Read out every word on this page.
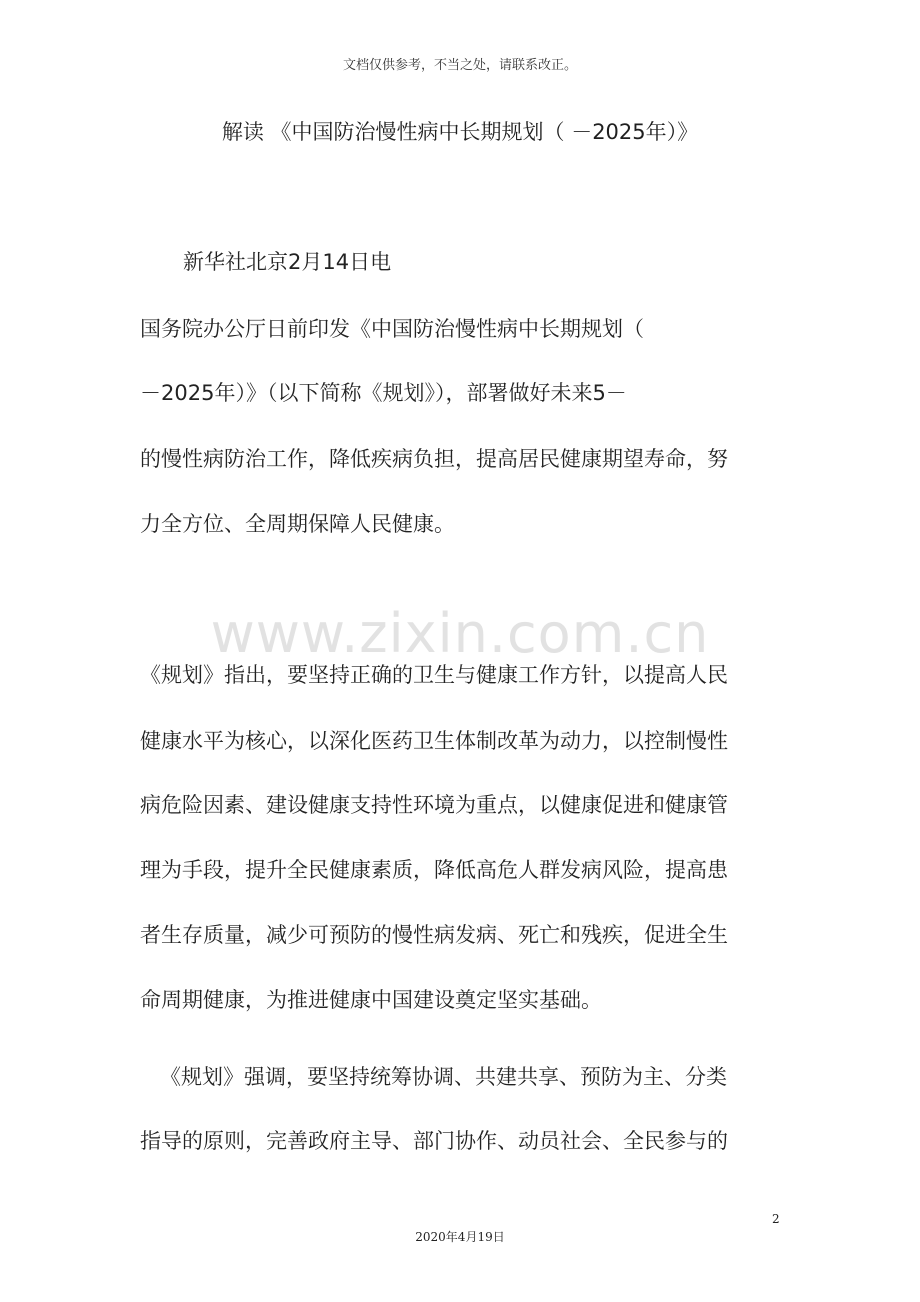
文档仅供参考，不当之处，请联系改正。
解读 《中国防治慢性病中长期规划（ －2025年）》
新华社北京2月14日电
国务院办公厅日前印发《中国防治慢性病中长期规划（
－2025年）》（以下简称《规划》），部署做好未来5－
的慢性病防治工作，降低疾病负担，提高居民健康期望寿命，努
力全方位、全周期保障人民健康。
www.zixin.com.cn
《规划》指出，要坚持正确的卫生与健康工作方针，以提高人民
健康水平为核心，以深化医药卫生体制改革为动力，以控制慢性
病危险因素、建设健康支持性环境为重点，以健康促进和健康管
理为手段，提升全民健康素质，降低高危人群发病风险，提高患
者生存质量，减少可预防的慢性病发病、死亡和残疾，促进全生
命周期健康，为推进健康中国建设奠定坚实基础。
《规划》强调，要坚持统筹协调、共建共享、预防为主、分类
指导的原则，完善政府主导、部门协作、动员社会、全民参与的
2
2020年4月19日
